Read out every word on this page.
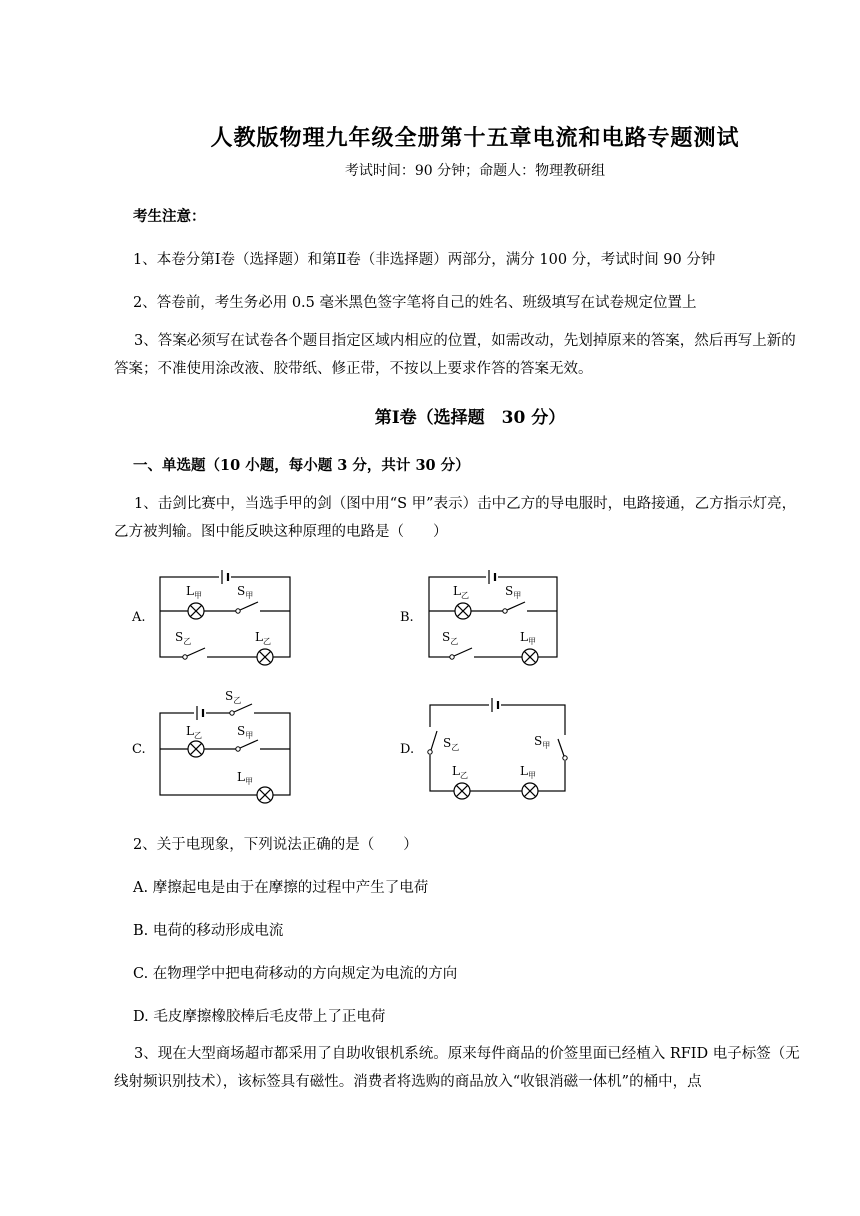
人教版物理九年级全册第十五章电流和电路专题测试
考试时间：90 分钟；命题人：物理教研组
考生注意：
1、本卷分第Ⅰ卷（选择题）和第Ⅱ卷（非选择题）两部分，满分 100 分，考试时间 90 分钟
2、答卷前，考生务必用 0.5 毫米黑色签字笔将自己的姓名、班级填写在试卷规定位置上
3、答案必须写在试卷各个题目指定区域内相应的位置，如需改动，先划掉原来的答案，然后再写上新的答案；不准使用涂改液、胶带纸、修正带，不按以上要求作答的答案无效。
第Ⅰ卷（选择题　30 分）
一、单选题（10 小题，每小题 3 分，共计 30 分）
1、击剑比赛中，当选手甲的剑（图中用“S 甲”表示）击中乙方的导电服时，电路接通，乙方指示灯亮，乙方被判输。图中能反映这种原理的电路是（　　）
A.	B.
C.	D.
$L_甲$	$S_甲$
$S_乙$	$L_乙$
$L_乙$	$S_甲$
$S_乙$	$L_甲$
$S_乙$
$L_乙$	$S_甲$
$L_甲$
$S_乙$	$S_甲$
$L_乙$	$L_甲$
2、关于电现象，下列说法正确的是（　　）
A. 摩擦起电是由于在摩擦的过程中产生了电荷
B. 电荷的移动形成电流
C. 在物理学中把电荷移动的方向规定为电流的方向
D. 毛皮摩擦橡胶棒后毛皮带上了正电荷
3、现在大型商场超市都采用了自助收银机系统。原来每件商品的价签里面已经植入 RFID 电子标签（无线射频识别技术），该标签具有磁性。消费者将选购的商品放入“收银消磁一体机”的桶中，点
